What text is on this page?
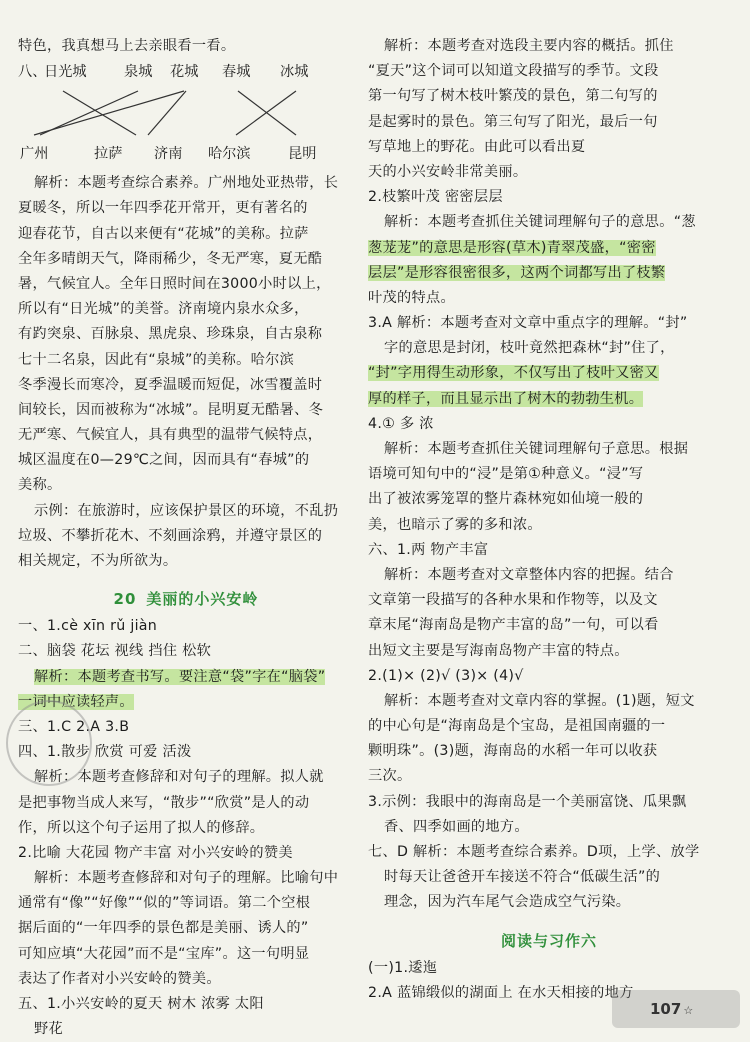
特色，我真想马上去亲眼看一看。
八、
日光城	泉城 花城 春城 冰城
广州	拉萨 济南 哈尔滨	昆明
解析：本题考查综合素养。广州地处亚热带，长
夏暖冬，所以一年四季花开常开，更有著名的
迎春花节，自古以来便有“花城”的美称。拉萨
全年多晴朗天气，降雨稀少，冬无严寒，夏无酷
暑，气候宜人。全年日照时间在3000小时以上，
所以有“日光城”的美誉。济南境内泉水众多，
有趵突泉、百脉泉、黑虎泉、珍珠泉，自古泉称
七十二名泉，因此有“泉城”的美称。哈尔滨
冬季漫长而寒冷，夏季温暖而短促，冰雪覆盖时
间较长，因而被称为“冰城”。昆明夏无酷暑、冬
无严寒、气候宜人，具有典型的温带气候特点，
城区温度在0—29℃之间，因而具有“春城”的
美称。
示例：在旅游时，应该保护景区的环境，不乱扔
垃圾、不攀折花木、不刻画涂鸦，并遵守景区的
相关规定，不为所欲为。
20 美丽的小兴安岭
一、1.cè xīn rǔ jiàn
二、脑袋 花坛 视线 挡住 松软
解析：本题考查书写。要注意“袋”字在“脑袋”
一词中应读轻声。
三、1.C 2.A 3.B
四、1.散步 欣赏 可爱 活泼
解析：本题考查修辞和对句子的理解。拟人就
是把事物当成人来写，“散步”“欣赏”是人的动
作，所以这个句子运用了拟人的修辞。
2.比喻 大花园 物产丰富 对小兴安岭的赞美
解析：本题考查修辞和对句子的理解。比喻句中
通常有“像”“好像”“似的”等词语。第二个空根
据后面的“一年四季的景色都是美丽、诱人的”
可知应填“大花园”而不是“宝库”。这一句明显
表达了作者对小兴安岭的赞美。
五、1.小兴安岭的夏天 树木 浓雾 太阳
野花
解析：本题考查对选段主要内容的概括。抓住
“夏天”这个词可以知道文段描写的季节。文段
第一句写了树木枝叶繁茂的景色，第二句写的
是起雾时的景色。第三句写了阳光，最后一句
写草地上的野花。由此可以看出夏
天的小兴安岭非常美丽。
2.枝繁叶茂 密密层层
解析：本题考查抓住关键词理解句子的意思。“葱
葱茏茏”的意思是形容(草木)青翠茂盛，“密密
层层”是形容很密很多，这两个词都写出了枝繁
叶茂的特点。
3.A 解析：本题考查对文章中重点字的理解。“封”
字的意思是封闭，枝叶竟然把森林“封”住了，
“封”字用得生动形象，不仅写出了枝叶又密又
厚的样子，而且显示出了树木的勃勃生机。
4.① 多 浓
解析：本题考查抓住关键词理解句子意思。根据
语境可知句中的“浸”是第①种意义。“浸”写
出了被浓雾笼罩的整片森林宛如仙境一般的
美，也暗示了雾的多和浓。
六、1.两 物产丰富
解析：本题考查对文章整体内容的把握。结合
文章第一段描写的各种水果和作物等，以及文
章末尾“海南岛是物产丰富的岛”一句，可以看
出短文主要是写海南岛物产丰富的特点。
2.(1)× (2)√ (3)× (4)√
解析：本题考查对文章内容的掌握。(1)题，短文
的中心句是“海南岛是个宝岛，是祖国南疆的一
颗明珠”。(3)题，海南岛的水稻一年可以收获
三次。
3.示例：我眼中的海南岛是一个美丽富饶、瓜果飘
香、四季如画的地方。
七、D 解析：本题考查综合素养。D项，上学、放学
时每天让爸爸开车接送不符合“低碳生活”的
理念，因为汽车尾气会造成空气污染。
阅读与习作六
(一)1.逶迤
2.A 蓝锦缎似的湖面上 在水天相接的地方
107 ☆
